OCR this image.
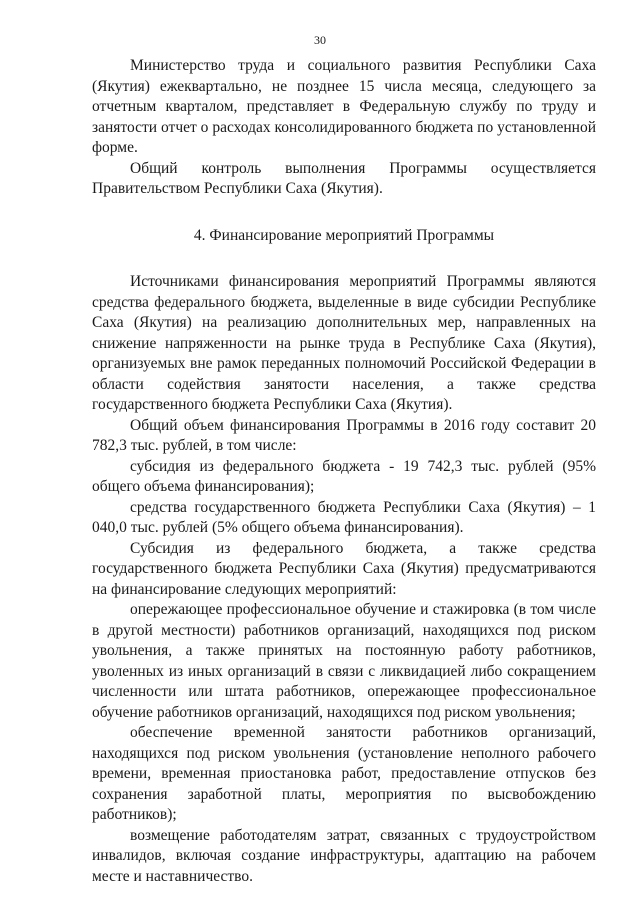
30

Министерство труда и социального развития Республики Саха (Якутия) ежеквартально, не позднее 15 числа месяца, следующего за отчетным кварталом, представляет в Федеральную службу по труду и занятости отчет о расходах консолидированного бюджета по установленной форме.

Общий контроль выполнения Программы осуществляется Правительством Республики Саха (Якутия).

4. Финансирование мероприятий Программы

Источниками финансирования мероприятий Программы являются средства федерального бюджета, выделенные в виде субсидии Республике Саха (Якутия) на реализацию дополнительных мер, направленных на снижение напряженности на рынке труда в Республике Саха (Якутия), организуемых вне рамок переданных полномочий Российской Федерации в области содействия занятости населения, а также средства государственного бюджета Республики Саха (Якутия).

Общий объем финансирования Программы в 2016 году составит 20 782,3 тыс. рублей, в том числе:

субсидия из федерального бюджета - 19 742,3 тыс. рублей (95% общего объема финансирования);

средства государственного бюджета Республики Саха (Якутия) – 1 040,0 тыс. рублей (5% общего объема финансирования).

Субсидия из федерального бюджета, а также средства государственного бюджета Республики Саха (Якутия) предусматриваются на финансирование следующих мероприятий:

опережающее профессиональное обучение и стажировка (в том числе в другой местности) работников организаций, находящихся под риском увольнения, а также принятых на постоянную работу работников, уволенных из иных организаций в связи с ликвидацией либо сокращением численности или штата работников, опережающее профессиональное обучение работников организаций, находящихся под риском увольнения;

обеспечение временной занятости работников организаций, находящихся под риском увольнения (установление неполного рабочего времени, временная приостановка работ, предоставление отпусков без сохранения заработной платы, мероприятия по высвобождению работников);

возмещение работодателям затрат, связанных с трудоустройством инвалидов, включая создание инфраструктуры, адаптацию на рабочем месте и наставничество.
